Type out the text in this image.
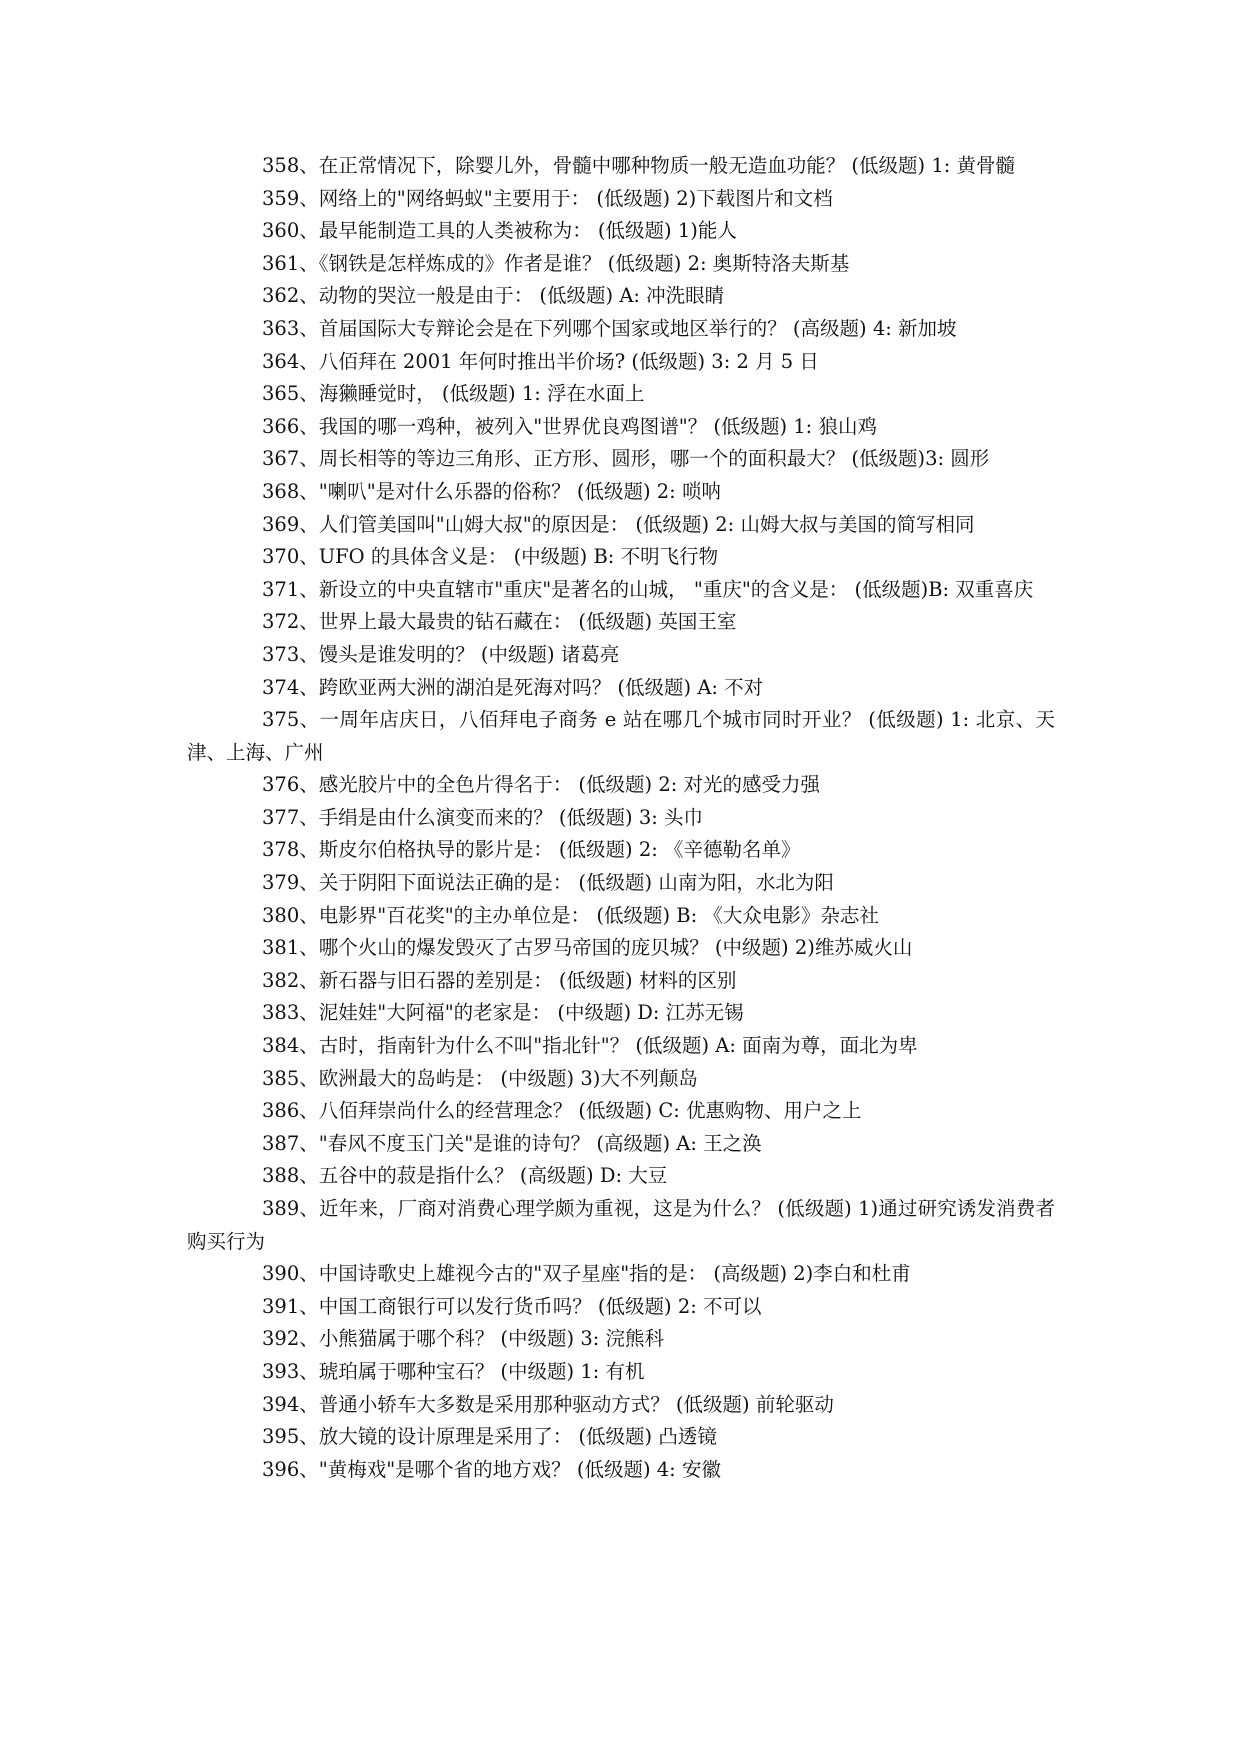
358、在正常情况下，除婴儿外，骨髓中哪种物质一般无造血功能？ (低级题) 1: 黄骨髓

359、网络上的"网络蚂蚁"主要用于： (低级题) 2)下载图片和文档

360、最早能制造工具的人类被称为： (低级题) 1)能人

361、《钢铁是怎样炼成的》作者是谁？ (低级题) 2: 奥斯特洛夫斯基

362、动物的哭泣一般是由于： (低级题) A: 冲洗眼睛

363、首届国际大专辩论会是在下列哪个国家或地区举行的？ (高级题) 4: 新加坡

364、八佰拜在 2001 年何时推出半价场? (低级题) 3: 2 月 5 日

365、海獭睡觉时， (低级题) 1: 浮在水面上

366、我国的哪一鸡种，被列入"世界优良鸡图谱"？ (低级题) 1: 狼山鸡

367、周长相等的等边三角形、正方形、圆形，哪一个的面积最大？ (低级题)3: 圆形

368、"喇叭"是对什么乐器的俗称？ (低级题) 2: 唢呐

369、人们管美国叫"山姆大叔"的原因是： (低级题) 2: 山姆大叔与美国的简写相同

370、UFO 的具体含义是： (中级题) B: 不明飞行物

371、新设立的中央直辖市"重庆"是著名的山城， "重庆"的含义是： (低级题)B: 双重喜庆

372、世界上最大最贵的钻石藏在： (低级题) 英国王室

373、馒头是谁发明的？ (中级题) 诸葛亮

374、跨欧亚两大洲的湖泊是死海对吗？ (低级题) A: 不对

375、一周年店庆日，八佰拜电子商务 e 站在哪几个城市同时开业？ (低级题) 1: 北京、天津、上海、广州

376、感光胶片中的全色片得名于： (低级题) 2: 对光的感受力强

377、手绢是由什么演变而来的？ (低级题) 3: 头巾

378、斯皮尔伯格执导的影片是： (低级题) 2: 《辛德勒名单》

379、关于阴阳下面说法正确的是： (低级题) 山南为阳，水北为阳

380、电影界"百花奖"的主办单位是： (低级题) B: 《大众电影》杂志社

381、哪个火山的爆发毁灭了古罗马帝国的庞贝城？ (中级题) 2)维苏威火山

382、新石器与旧石器的差别是： (低级题) 材料的区别

383、泥娃娃"大阿福"的老家是： (中级题) D: 江苏无锡

384、古时，指南针为什么不叫"指北针"？ (低级题) A: 面南为尊，面北为卑

385、欧洲最大的岛屿是： (中级题) 3)大不列颠岛

386、八佰拜崇尚什么的经营理念？ (低级题) C: 优惠购物、用户之上

387、"春风不度玉门关"是谁的诗句？ (高级题) A: 王之涣

388、五谷中的菽是指什么？ (高级题) D: 大豆

389、近年来，厂商对消费心理学颇为重视，这是为什么？ (低级题) 1)通过研究诱发消费者购买行为

390、中国诗歌史上雄视今古的"双子星座"指的是： (高级题) 2)李白和杜甫

391、中国工商银行可以发行货币吗？ (低级题) 2: 不可以

392、小熊猫属于哪个科？ (中级题) 3: 浣熊科

393、琥珀属于哪种宝石？ (中级题) 1: 有机

394、普通小轿车大多数是采用那种驱动方式？ (低级题) 前轮驱动

395、放大镜的设计原理是采用了： (低级题) 凸透镜

396、"黄梅戏"是哪个省的地方戏？ (低级题) 4: 安徽
